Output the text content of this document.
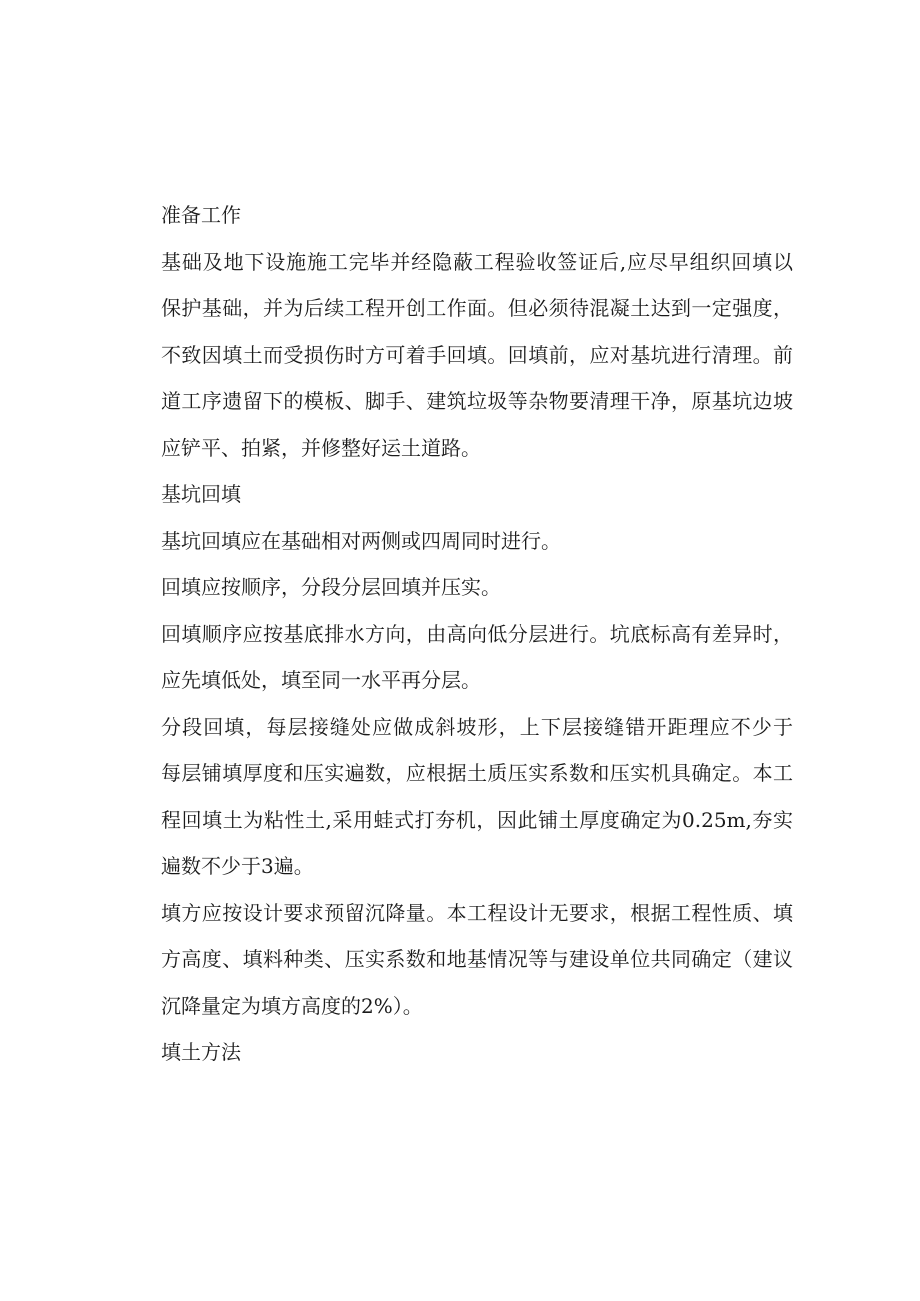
准备工作
基础及地下设施施工完毕并经隐蔽工程验收签证后,应尽早组织回填以
保护基础，并为后续工程开创工作面。但必须待混凝土达到一定强度，
不致因填土而受损伤时方可着手回填。回填前，应对基坑进行清理。前
道工序遗留下的模板、脚手、建筑垃圾等杂物要清理干净，原基坑边坡
应铲平、拍紧，并修整好运土道路。
基坑回填
基坑回填应在基础相对两侧或四周同时进行。
回填应按顺序，分段分层回填并压实。
回填顺序应按基底排水方向，由高向低分层进行。坑底标高有差异时，
应先填低处，填至同一水平再分层。
分段回填，每层接缝处应做成斜坡形，上下层接缝错开距理应不少于
每层铺填厚度和压实遍数，应根据土质压实系数和压实机具确定。本工
程回填土为粘性土,采用蛙式打夯机，因此铺土厚度确定为0.25m,夯实
遍数不少于3遍。
填方应按设计要求预留沉降量。本工程设计无要求，根据工程性质、填
方高度、填料种类、压实系数和地基情况等与建设单位共同确定（建议
沉降量定为填方高度的2%）。
填土方法
